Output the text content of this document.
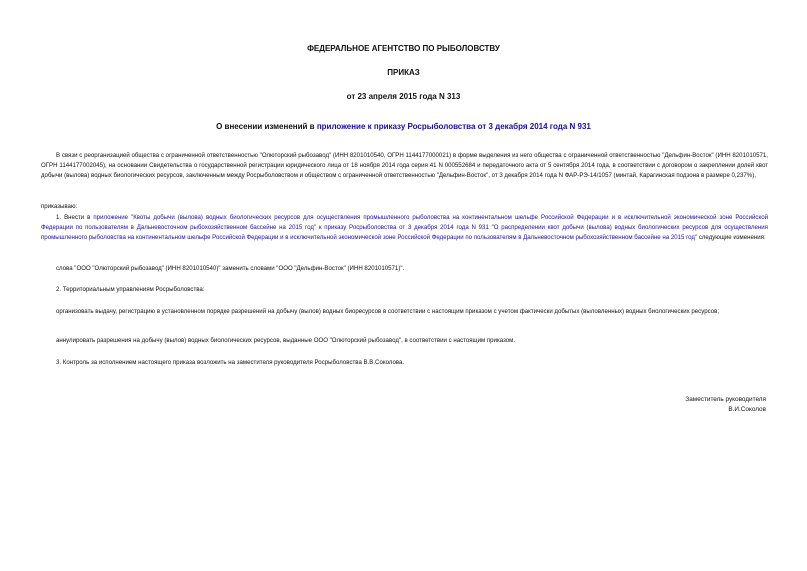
ФЕДЕРАЛЬНОЕ АГЕНТСТВО ПО РЫБОЛОВСТВУ
ПРИКАЗ
от 23 апреля 2015 года N 313
О внесении изменений в приложение к приказу Росрыболовства от 3 декабря 2014 года N 931
В связи с реорганизацией общества с ограниченной ответственностью "Олюторский рыбозавод" (ИНН 8201010540, ОГРН 1144177000021) в форме выделения из него общества с ограниченной ответственностью "Дельфин-Восток" (ИНН 8201010571, ОГРН 1144177002045), на основании Свидетельства о государственной регистрации юридического лица от 18 ноября 2014 года серия 41 N 000552684 и передаточного акта от 5 сентября 2014 года, в соответствии с договором о закреплении долей квот добычи (вылова) водных биологических ресурсов, заключенным между Росрыболовством и обществом с ограниченной ответственностью "Дельфин-Восток", от 3 декабря 2014 года N ФАР-РЭ-14/1057 (минтай, Карагинская подзона в размере 0,237%),
приказываю:
1. Внести в приложение "Квоты добычи (вылова) водных биологических ресурсов для осуществления промышленного рыболовства на континентальном шельфе Российской Федерации и в исключительной экономической зоне Российской Федерации по пользователям в Дальневосточном рыбохозяйственном бассейне на 2015 год" к приказу Росрыболовства от 3 декабря 2014 года N 931 "О распределении квот добычи (вылова) водных биологических ресурсов для осуществления промышленного рыболовства на континентальном шельфе Российской Федерации и в исключительной экономической зоне Российской Федерации по пользователям в Дальневосточном рыбохозяйственном бассейне на 2015 год" следующие изменения:
слова "ООО "Олюторский рыбозавод" (ИНН 8201010540)" заменить словами "ООО "Дельфин-Восток" (ИНН 8201010571)".
2. Территориальным управлениям Росрыболовства:
организовать выдачу, регистрацию в установленном порядке разрешений на добычу (вылов) водных биоресурсов в соответствии с настоящим приказом с учетом фактически добытых (выловленных) водных биологических ресурсов;
аннулировать разрешения на добычу (вылов) водных биологических ресурсов, выданные ООО "Олюторский рыбозавод", в соответствии с настоящим приказом.
3. Контроль за исполнением настоящего приказа возложить на заместителя руководителя Росрыболовства В.В.Соколова.
Заместитель руководителя
В.И.Соколов
